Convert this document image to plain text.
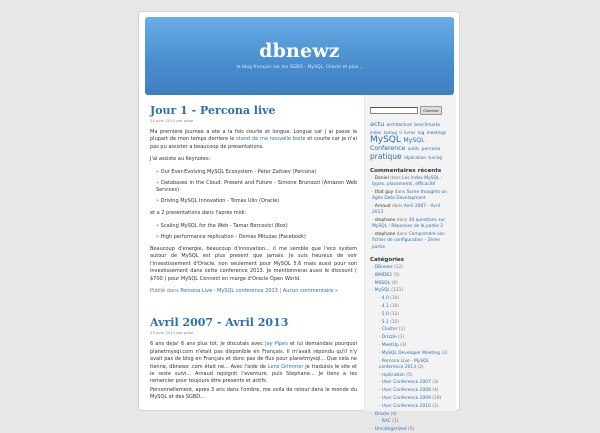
dbnewz
le blog français sur les SGBD - MySQL, Oracle et plus...
Jour 1 - Percona live
24 avril 2013 par pdxe

Ma premiere journee a ete a la fois courte et longue. Longue car j ai passe la plupart de mon temps derriere le stand de ma nouvelle boite et courte car je n'ai pas pu assister a beaucoup de presentations.

J'ai assiste au Keynotes:

» Our Ever-Evolving MySQL Ecosystem - Peter Zaitsev (Percona)
» Databases in the Cloud: Present and Future - Simone Brunozzi (Amazon Web Services)
» Driving MySQL Innovation - Tomas Ulin (Oracle)

et a 2 presentations dans l'apres midi:

» Scaling MySQL for the Web - Tamar Bercovici (Box)
» High performance replication - Domas Mituzas (Facebook)

Beaucoup d'energie, beaucoup d'innovation... il me semble que l'eco system autour de MySQL est plus present que jamais. Je suis heureux de voir l'investissement d'Oracle, non seulement pour MySQL 5.6 mais aussi pour son investissement dans cette conference 2013. Je mentionnerai aussi le discount ( $700 ) pour MySQL Connect en marge d'Oracle Open World.

Publié dans Percona Live - MySQL conference 2013 | Aucun commentaire »

Avril 2007 - Avril 2013
23 avril 2013 par pdxe

6 ans deja! 6 ans plus tot, je discutais avec Jay Pipes et lui demandais pourquoi planetmysql.com n'était pas disponible en Français. Il m'avait répondu qu'il n'y avait pas de blog en Français et donc pas de flux pour planetmysql... Que cela ne tienne, dbnewz .com était né... Avec l'aide de Lenz Grimmer je traduisis le site et le reste suivi... Arnaud rejoignit l'aventure, puis Stephane... Je tiens a les remercier pour toujours être presents et actifs.

Personnellement, apres 3 ans dans l'ombre, me voila de retour dans le monde du MySQL et des SGBD...

Chercher
actu architecture benchmarks index lamug li livres lug meetings MySQL MySQL Conference outils percona pratique réplication tuning
Commentaires récents
· Daniel dans Les index MySQL : types, placements, efficacité
· that guy dans Some thoughts on Agile Data Development
· Arnaud dans Avril 2007 - Avril 2013
· stephane dans 30 questions sur MySQL : Réponses de la partie 2
· stephane dans Comprendre son fichier de configuration - 2ème partie
Catégories
· DBnewz (12)
· IBMDB2 (5)
· MSSQL (4)
· MySQL (131)
· 4.0 (10)
· 4.1 (10)
· 5.0 (12)
· 5.1 (15)
· Cluster (1)
· Drizzle (1)
· MeetUp (3)
· MySQL Developer Meeting (3)
· Percona Live - MySQL conference 2013 (2)
· replication (5)
· User Conference 2007 (3)
· User Conference 2008 (4)
· User Conference 2009 (19)
· User Conference 2010 (2)
· Oracle (4)
· RAC (1)
· Uncategorized (5)
